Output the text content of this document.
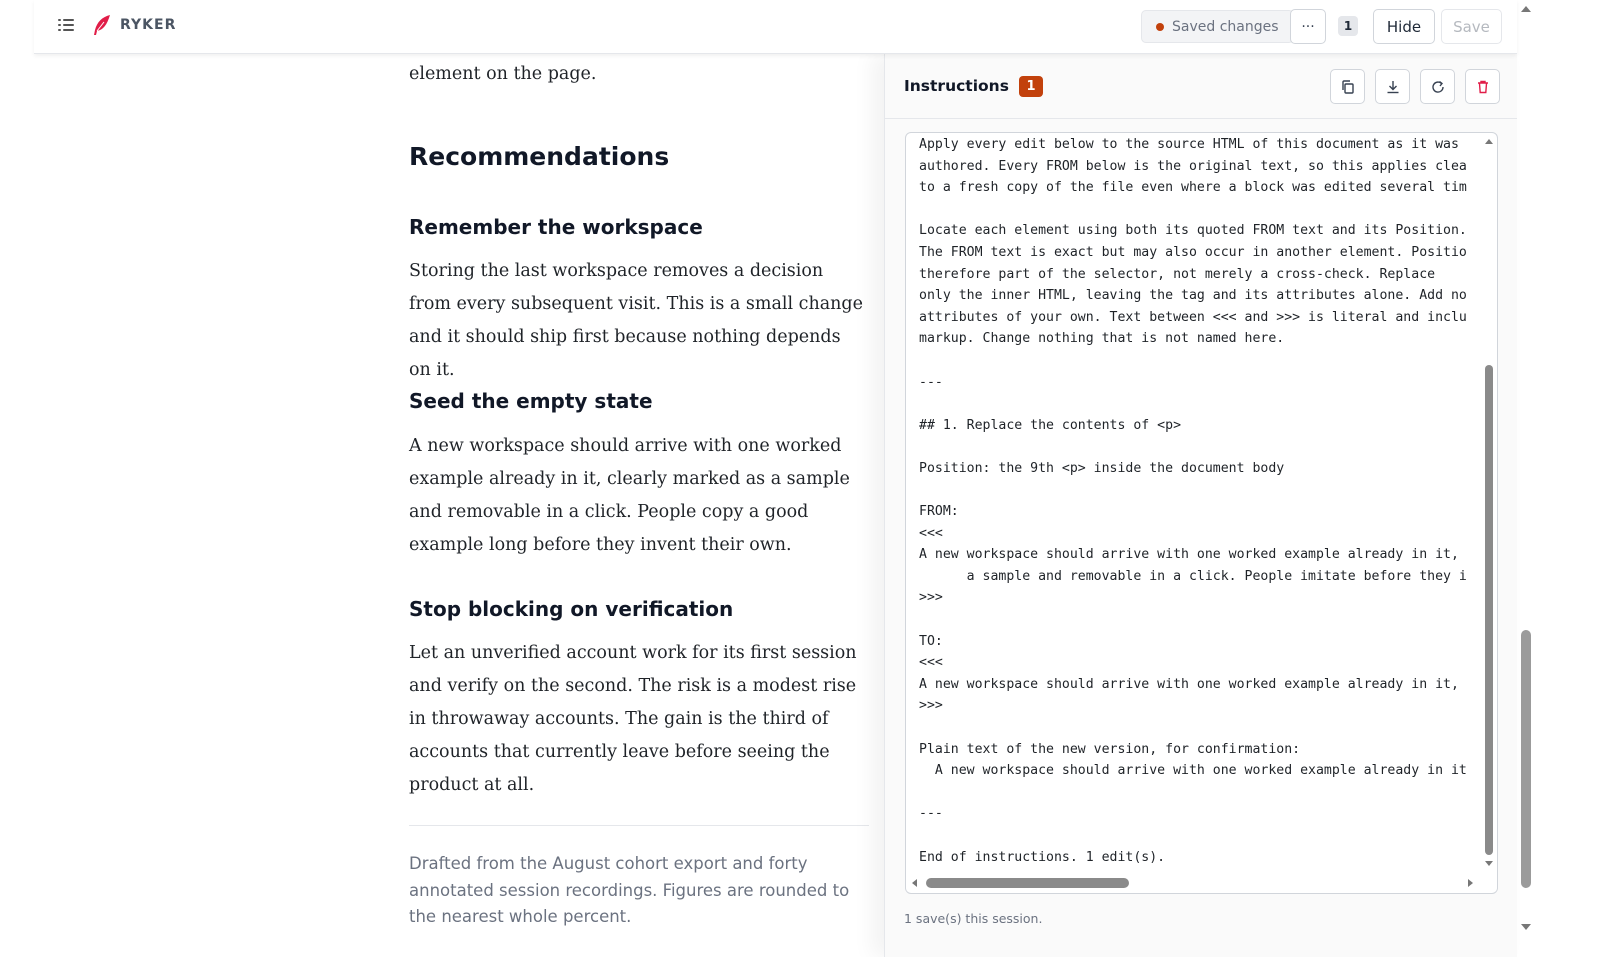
RYKER	Saved changes	···	1	Hide	Save
element on the page.
Recommendations
Remember the workspace

Storing the last workspace removes a decision from every subsequent visit. This is a small change and it should ship first because nothing depends on it.

Seed the empty state

A new workspace should arrive with one worked example already in it, clearly marked as a sample and removable in a click. People copy a good example long before they invent their own.

Stop blocking on verification

Let an unverified account work for its first session and verify on the second. The risk is a modest rise in throwaway accounts. The gain is the third of accounts that currently leave before seeing the product at all.

Drafted from the August cohort export and forty annotated session recordings. Figures are rounded to the nearest whole percent.

Instructions	1
Apply every edit below to the source HTML of this document as it was
authored. Every FROM below is the original text, so this applies clea
to a fresh copy of the file even where a block was edited several tim

Locate each element using both its quoted FROM text and its Position.
The FROM text is exact but may also occur in another element. Positio
therefore part of the selector, not merely a cross-check. Replace
only the inner HTML, leaving the tag and its attributes alone. Add no
attributes of your own. Text between <<< and >>> is literal and inclu
markup. Change nothing that is not named here.

---

## 1. Replace the contents of <p>

Position: the 9th <p> inside the document body

FROM:
<<<
A new workspace should arrive with one worked example already in it,
a sample and removable in a click. People imitate before they i
>>>

TO:
<<<
A new workspace should arrive with one worked example already in it,
>>>

Plain text of the new version, for confirmation:
A new workspace should arrive with one worked example already in it

---

End of instructions. 1 edit(s).
1 save(s) this session.
